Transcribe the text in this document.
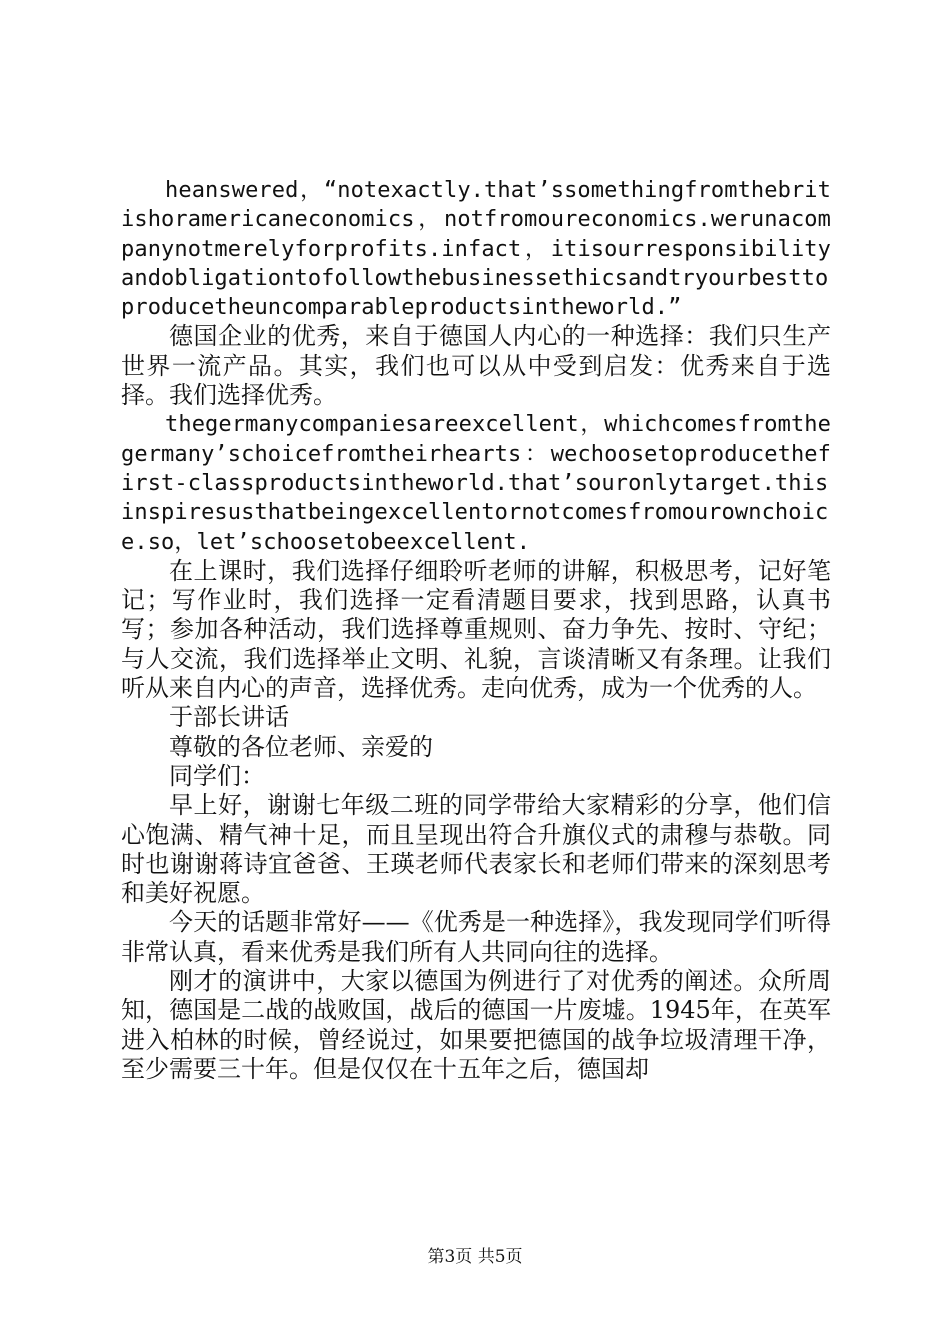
heanswered，“notexactly.that’ssomethingfromthebritishoramericaneconomics，notfromoureconomics.werunacompanynotmerelyforprofits.infact，itisourresponsibilityandobligationtofollowthebusinessethicsandtryourbesttoproducetheuncomparableproductsintheworld.”

德国企业的优秀，来自于德国人内心的一种选择：我们只生产世界一流产品。其实，我们也可以从中受到启发：优秀来自于选择。我们选择优秀。

thegermanycompaniesareexcellent，whichcomesfromthegermany’schoicefromtheirhearts：wechoosetoproducethefirst-classproductsintheworld.that’souronlytarget.thisinspiresusthatbeingexcellentornotcomesfromourownchoice.so，let’schoosetobeexcellent.

在上课时，我们选择仔细聆听老师的讲解，积极思考，记好笔记；写作业时，我们选择一定看清题目要求，找到思路，认真书写；参加各种活动，我们选择尊重规则、奋力争先、按时、守纪；与人交流，我们选择举止文明、礼貌，言谈清晰又有条理。让我们听从来自内心的声音，选择优秀。走向优秀，成为一个优秀的人。

于部长讲话

尊敬的各位老师、亲爱的

同学们：

早上好，谢谢七年级二班的同学带给大家精彩的分享，他们信心饱满、精气神十足，而且呈现出符合升旗仪式的肃穆与恭敬。同时也谢谢蒋诗宜爸爸、王瑛老师代表家长和老师们带来的深刻思考和美好祝愿。

今天的话题非常好——《优秀是一种选择》，我发现同学们听得非常认真，看来优秀是我们所有人共同向往的选择。

刚才的演讲中，大家以德国为例进行了对优秀的阐述。众所周知，德国是二战的战败国，战后的德国一片废墟。1945年，在英军进入柏林的时候，曾经说过，如果要把德国的战争垃圾清理干净，至少需要三十年。但是仅仅在十五年之后，德国却

第3页 共5页
